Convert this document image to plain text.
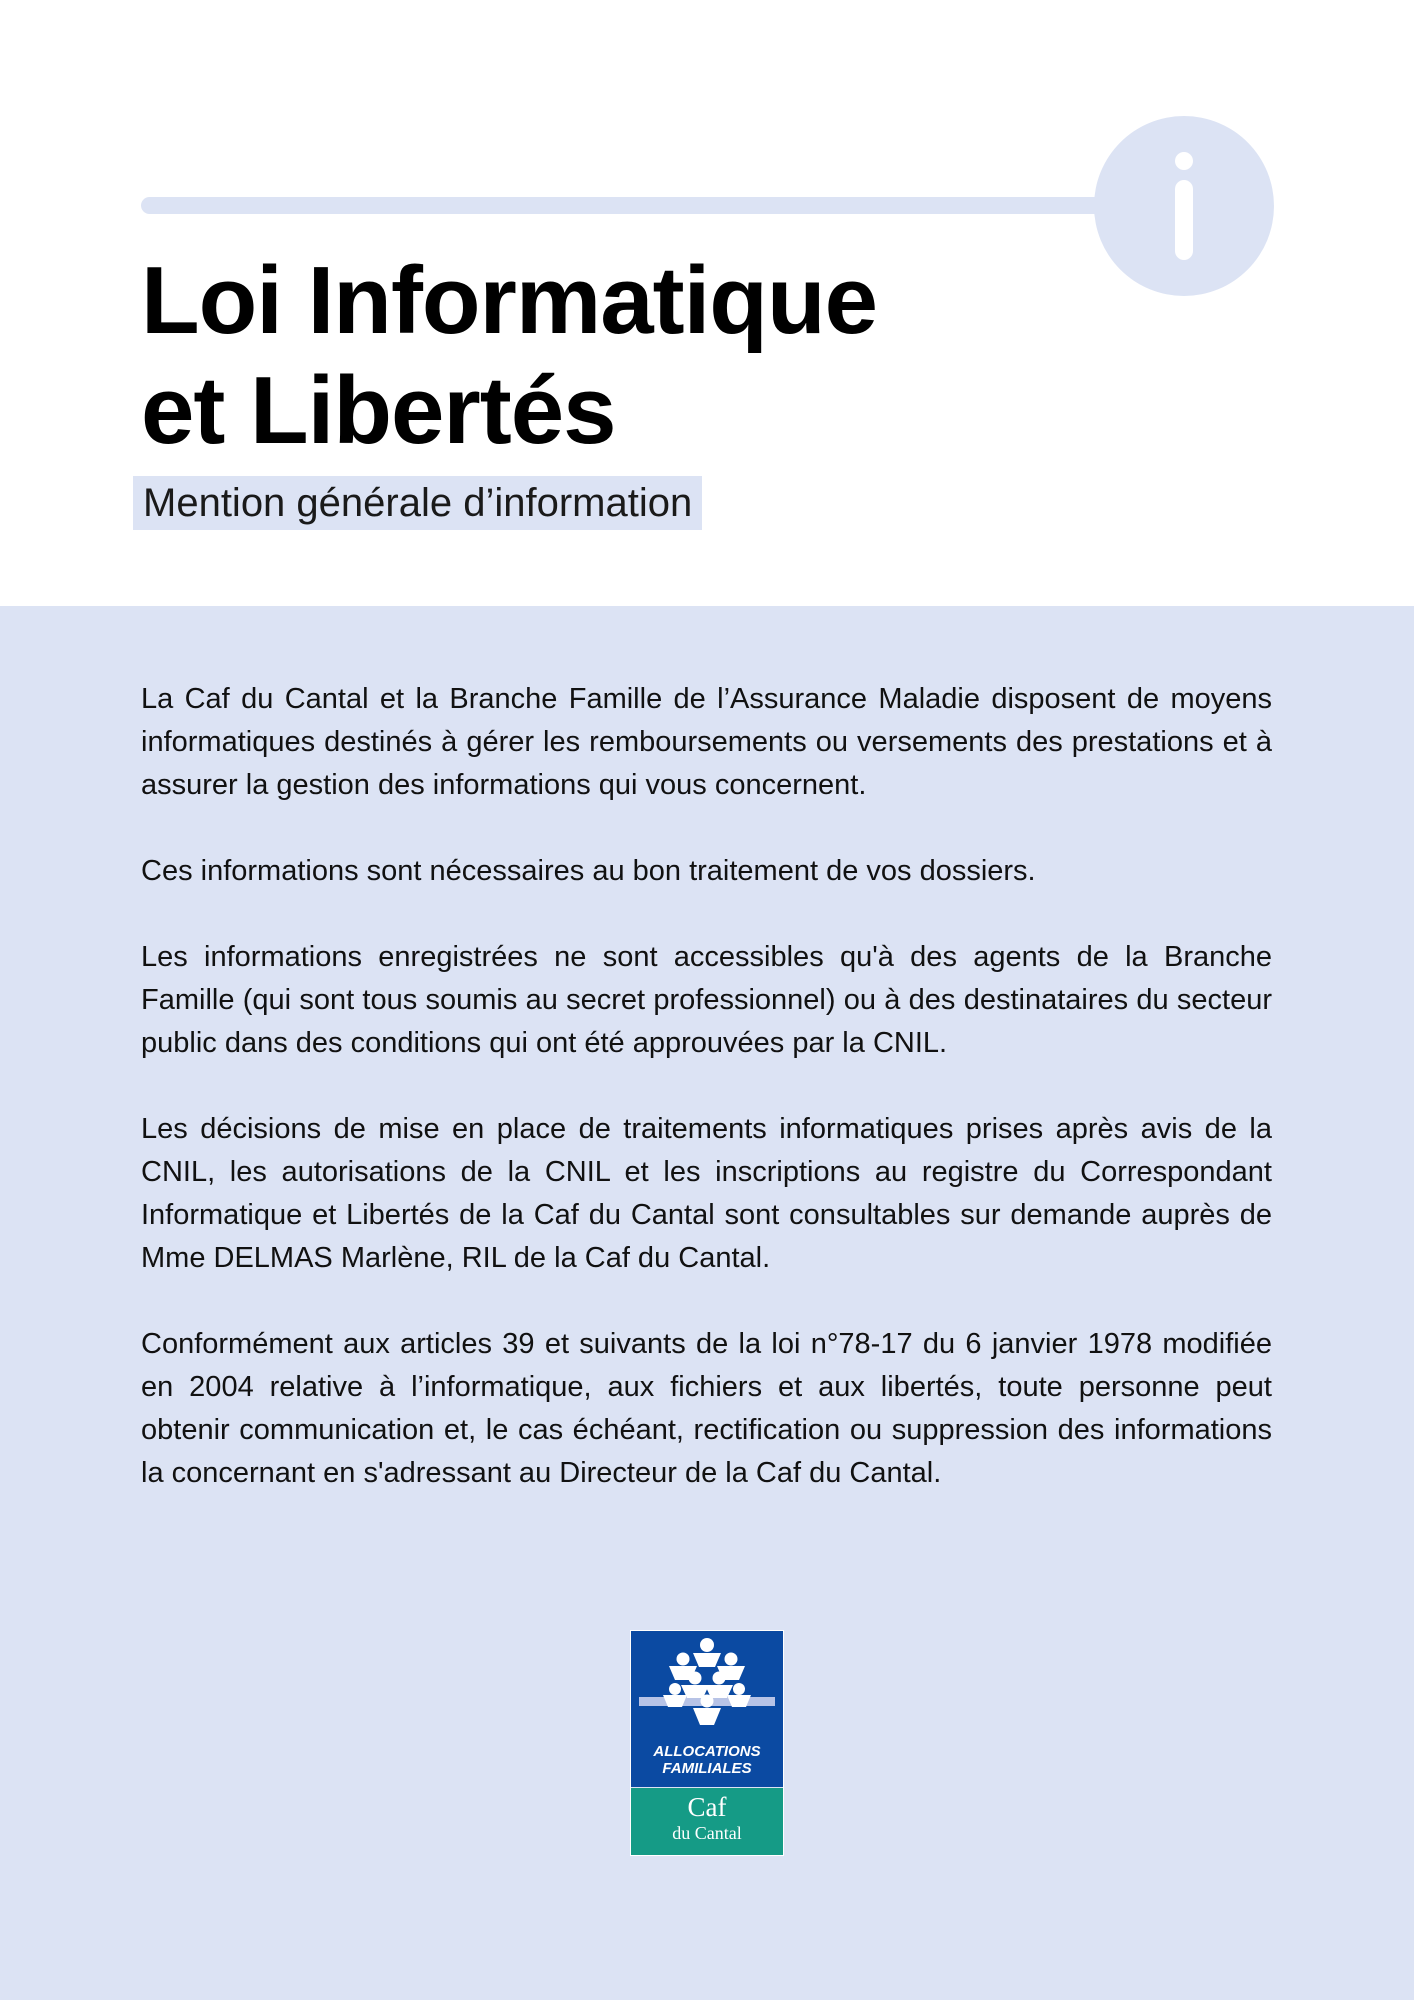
Loi Informatique
et Libertés
Mention générale d’information

La Caf du Cantal et la Branche Famille de l’Assurance Maladie disposent de moyens informatiques destinés à gérer les remboursements ou versements des prestations et à assurer la gestion des informations qui vous concernent.

Ces informations sont nécessaires au bon traitement de vos dossiers.

Les informations enregistrées ne sont accessibles qu'à des agents de la Branche Famille (qui sont tous soumis au secret professionnel) ou à des destinataires du secteur public dans des conditions qui ont été approuvées par la CNIL.

Les décisions de mise en place de traitements informatiques prises après avis de la CNIL, les autorisations de la CNIL et les inscriptions au registre du Correspondant Informatique et Libertés de la Caf du Cantal sont consultables sur demande auprès de Mme DELMAS Marlène, RIL de la Caf du Cantal.

Conformément aux articles 39 et suivants de la loi n°78-17 du 6 janvier 1978 modifiée en 2004 relative à l’informatique, aux fichiers et aux libertés, toute personne peut obtenir communication et, le cas échéant, rectification ou suppression des informations la concernant en s'adressant au Directeur de la Caf du Cantal.

ALLOCATIONS
FAMILIALES
Caf
du Cantal
